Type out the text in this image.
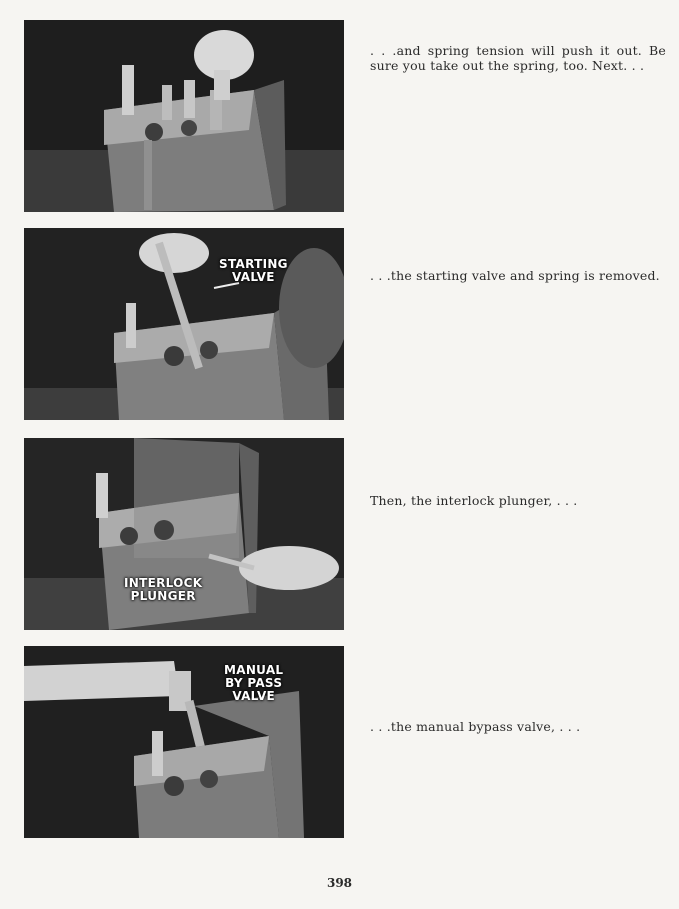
STARTING
VALVE
INTERLOCK
PLUNGER
MANUAL
BY PASS
VALVE

. . .and spring tension will push it out. Be sure you take out the spring, too. Next. . .

. . .the starting valve and spring is removed.

Then, the interlock plunger, . . .

. . .the manual bypass valve, . . .

398
